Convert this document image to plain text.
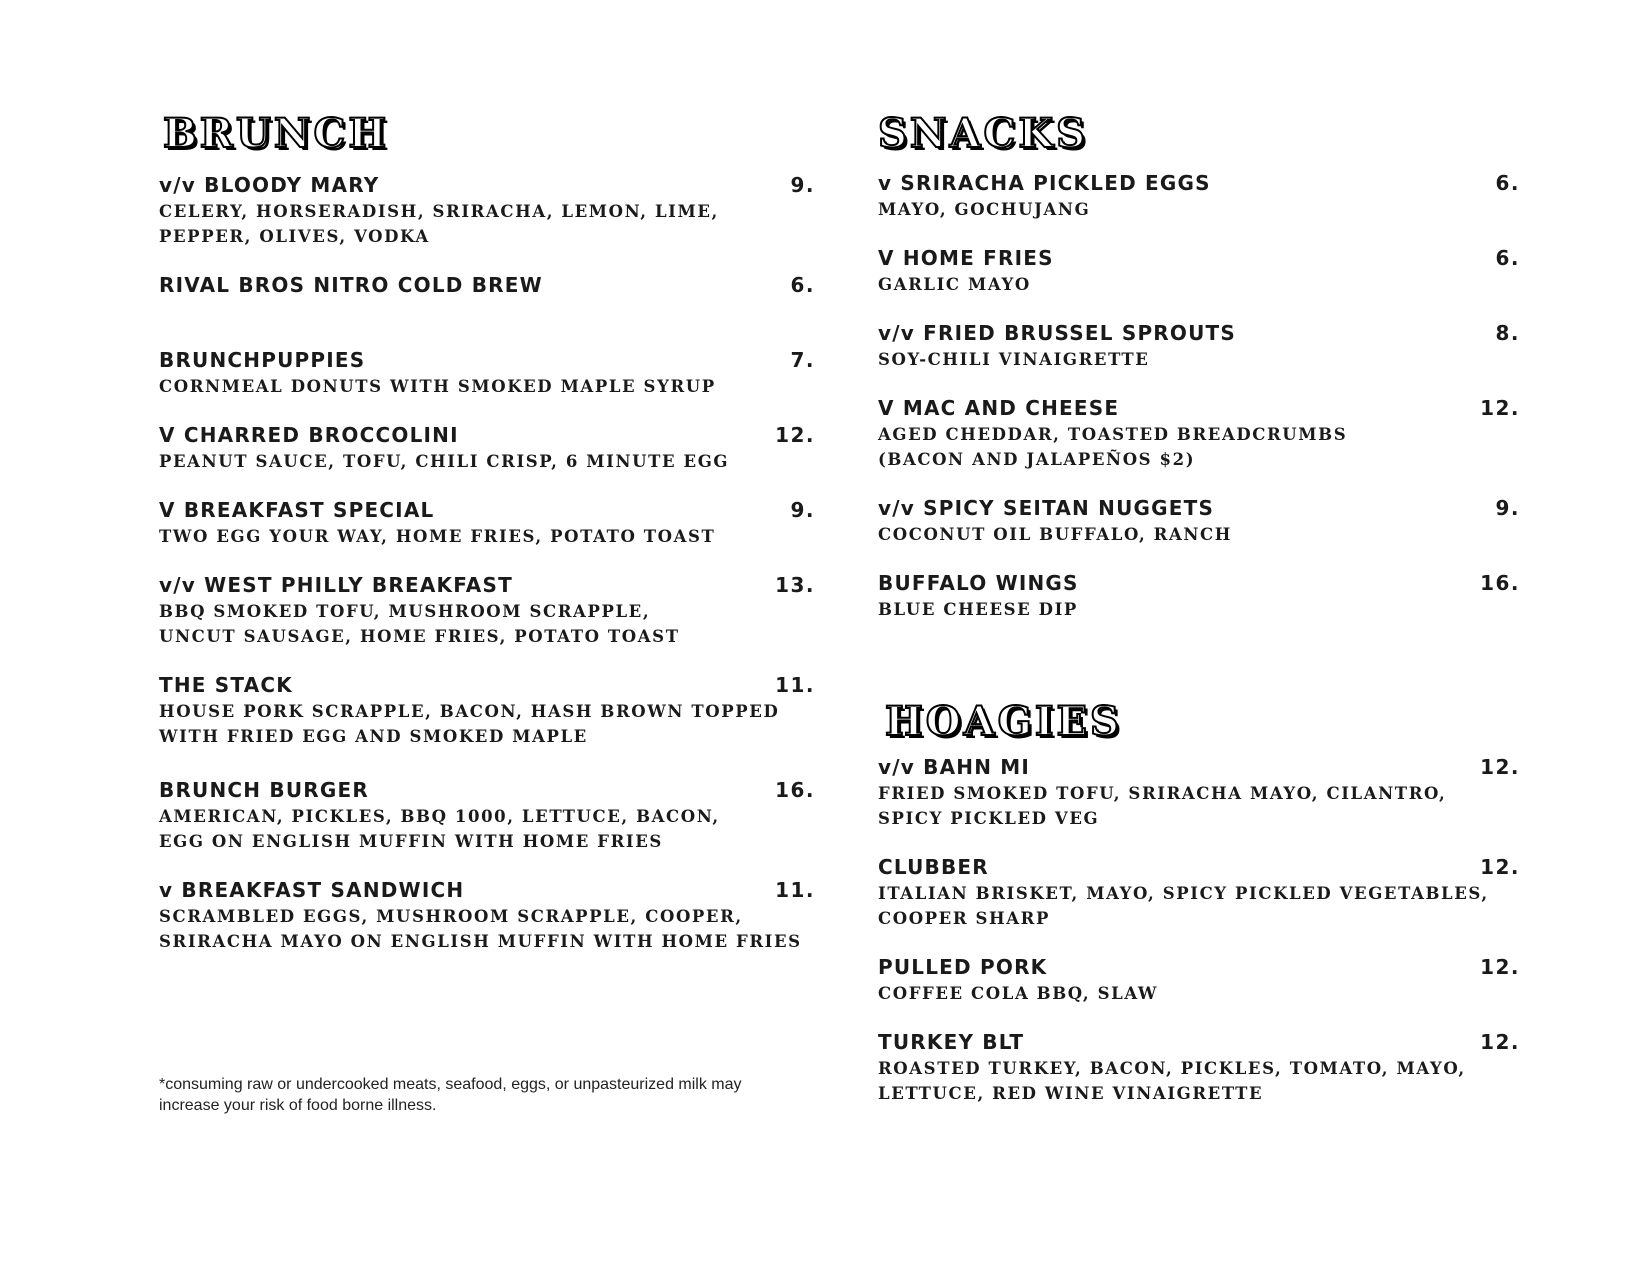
BRUNCH
v/v BLOODY MARY	9.
CELERY, HORSERADISH, SRIRACHA, LEMON, LIME,
PEPPER, OLIVES, VODKA
RIVAL BROS NITRO COLD BREW	6.
BRUNCHPUPPIES	7.
CORNMEAL DONUTS WITH SMOKED MAPLE SYRUP
V CHARRED BROCCOLINI	12.
PEANUT SAUCE, TOFU, CHILI CRISP, 6 MINUTE EGG
V BREAKFAST SPECIAL	9.
TWO EGG YOUR WAY, HOME FRIES, POTATO TOAST
v/v WEST PHILLY BREAKFAST	13.
BBQ SMOKED TOFU, MUSHROOM SCRAPPLE,
UNCUT SAUSAGE, HOME FRIES, POTATO TOAST
THE STACK	11.
HOUSE PORK SCRAPPLE, BACON, HASH BROWN TOPPED
WITH FRIED EGG AND SMOKED MAPLE
BRUNCH BURGER	16.
AMERICAN, PICKLES, BBQ 1000, LETTUCE, BACON,
EGG ON ENGLISH MUFFIN WITH HOME FRIES
v BREAKFAST SANDWICH	11.
SCRAMBLED EGGS, MUSHROOM SCRAPPLE, COOPER,
SRIRACHA MAYO ON ENGLISH MUFFIN WITH HOME FRIES
*consuming raw or undercooked meats, seafood, eggs, or unpasteurized milk may
increase your risk of food borne illness.
SNACKS
v SRIRACHA PICKLED EGGS	6.
MAYO, GOCHUJANG
V HOME FRIES	6.
GARLIC MAYO
v/v FRIED BRUSSEL SPROUTS	8.
SOY-CHILI VINAIGRETTE
V MAC AND CHEESE	12.
AGED CHEDDAR, TOASTED BREADCRUMBS
(BACON AND JALAPEÑOS $2)
v/v SPICY SEITAN NUGGETS	9.
COCONUT OIL BUFFALO, RANCH
BUFFALO WINGS	16.
BLUE CHEESE DIP
HOAGIES
v/v BAHN MI	12.
FRIED SMOKED TOFU, SRIRACHA MAYO, CILANTRO,
SPICY PICKLED VEG
CLUBBER	12.
ITALIAN BRISKET, MAYO, SPICY PICKLED VEGETABLES,
COOPER SHARP
PULLED PORK	12.
COFFEE COLA BBQ, SLAW
TURKEY BLT	12.
ROASTED TURKEY, BACON, PICKLES, TOMATO, MAYO,
LETTUCE, RED WINE VINAIGRETTE
